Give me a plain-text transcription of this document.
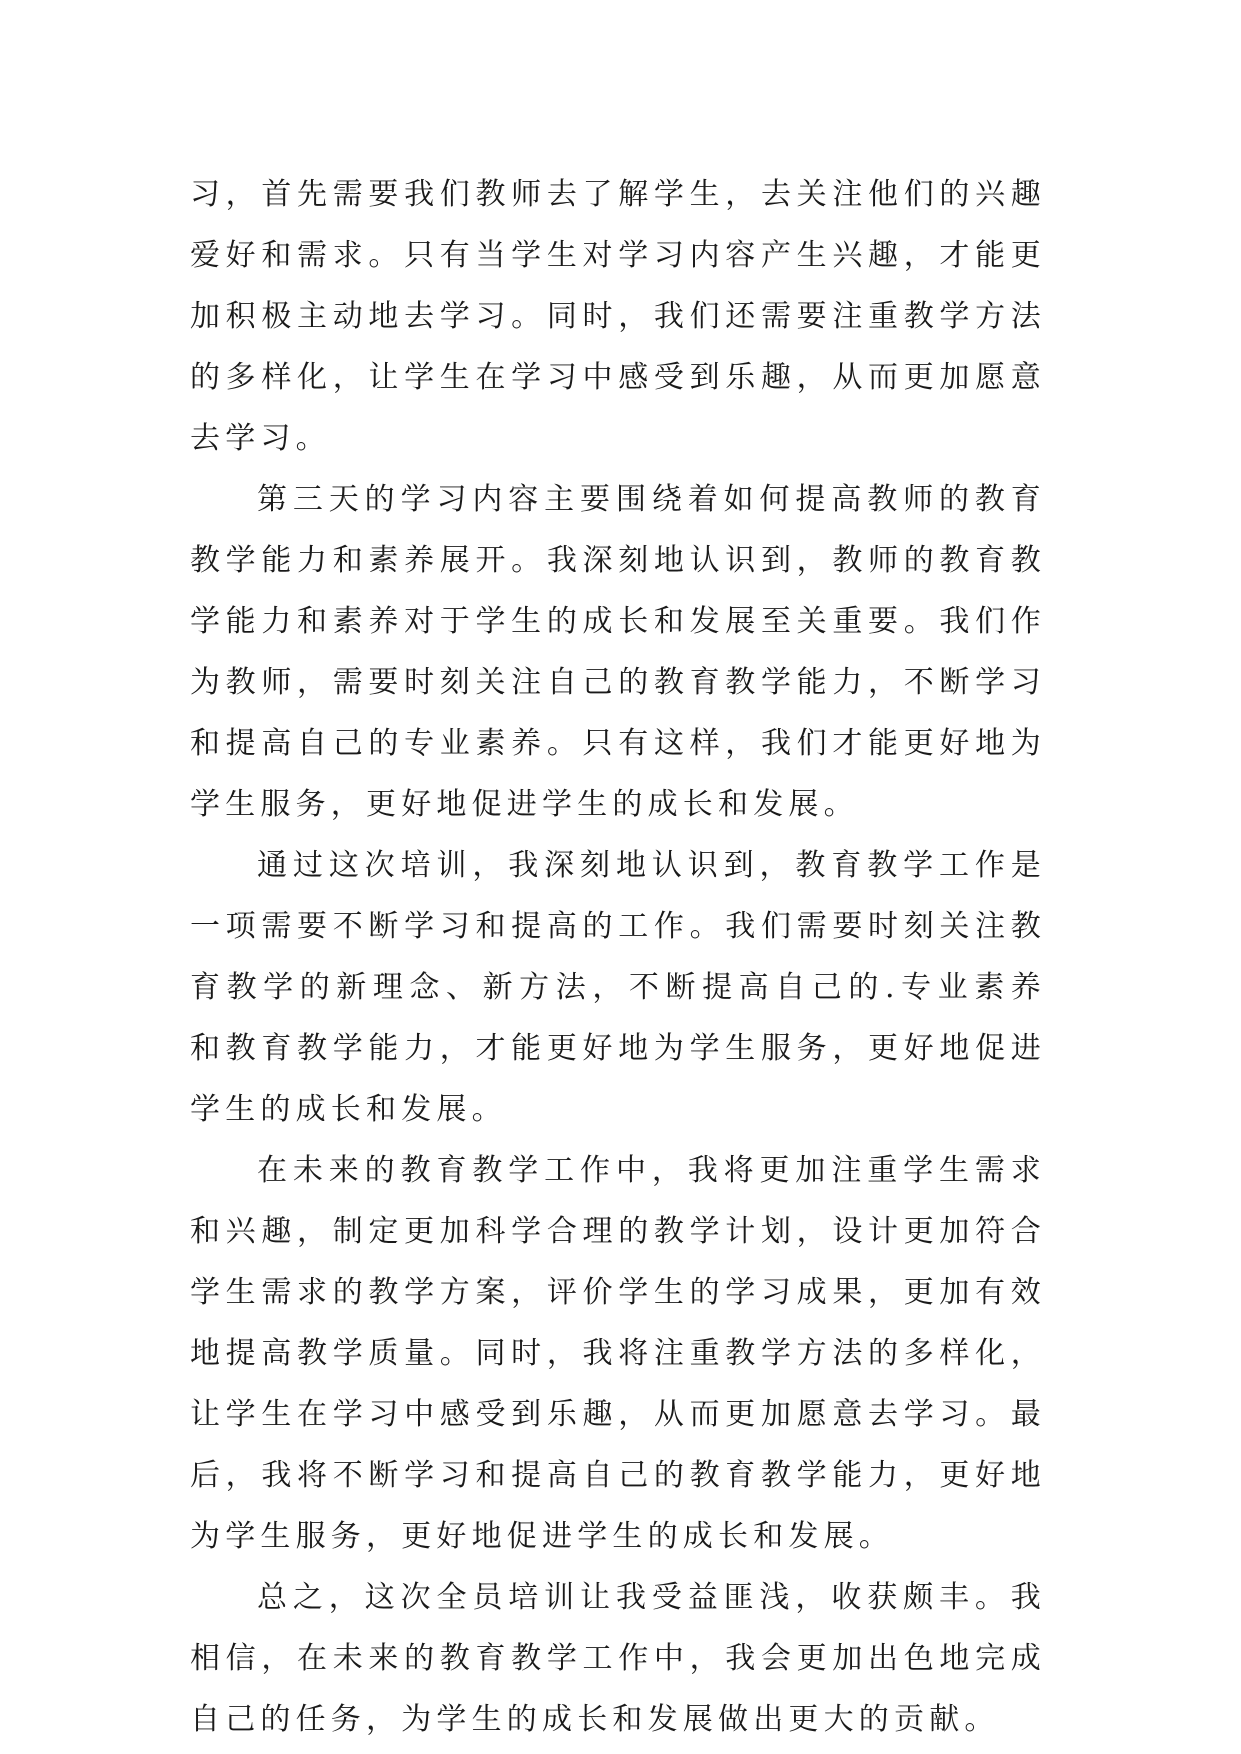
习，首先需要我们教师去了解学生，去关注他们的兴趣爱好和需求。只有当学生对学习内容产生兴趣，才能更加积极主动地去学习。同时，我们还需要注重教学方法的多样化，让学生在学习中感受到乐趣，从而更加愿意去学习。

第三天的学习内容主要围绕着如何提高教师的教育教学能力和素养展开。我深刻地认识到，教师的教育教学能力和素养对于学生的成长和发展至关重要。我们作为教师，需要时刻关注自己的教育教学能力，不断学习和提高自己的专业素养。只有这样，我们才能更好地为学生服务，更好地促进学生的成长和发展。

通过这次培训，我深刻地认识到，教育教学工作是一项需要不断学习和提高的工作。我们需要时刻关注教育教学的新理念、新方法，不断提高自己的.专业素养和教育教学能力，才能更好地为学生服务，更好地促进学生的成长和发展。

在未来的教育教学工作中，我将更加注重学生需求和兴趣，制定更加科学合理的教学计划，设计更加符合学生需求的教学方案，评价学生的学习成果，更加有效地提高教学质量。同时，我将注重教学方法的多样化，让学生在学习中感受到乐趣，从而更加愿意去学习。最后，我将不断学习和提高自己的教育教学能力，更好地为学生服务，更好地促进学生的成长和发展。

总之，这次全员培训让我受益匪浅，收获颇丰。我相信，在未来的教育教学工作中，我会更加出色地完成自己的任务，为学生的成长和发展做出更大的贡献。
